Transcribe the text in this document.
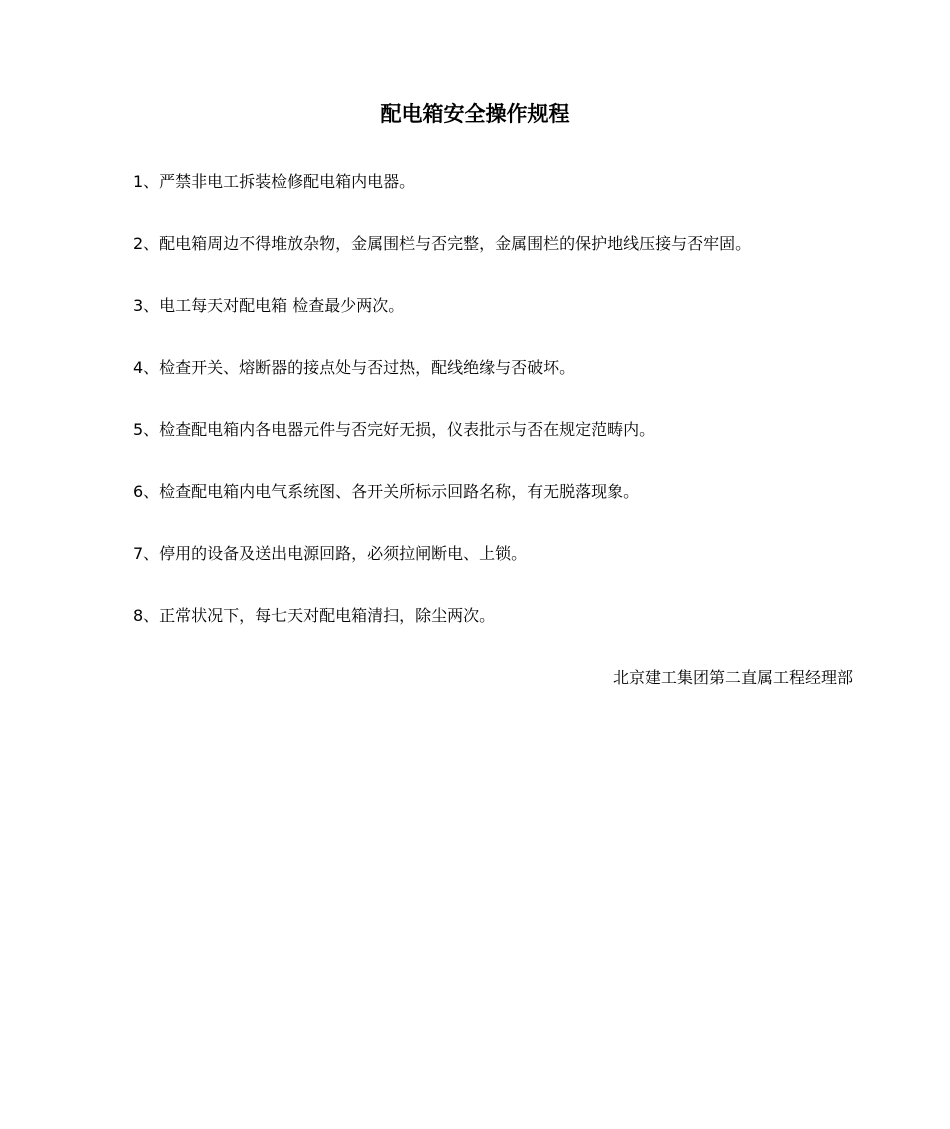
配电箱安全操作规程
1、严禁非电工拆装检修配电箱内电器。
2、配电箱周边不得堆放杂物，金属围栏与否完整，金属围栏的保护地线压接与否牢固。
3、电工每天对配电箱 检查最少两次。
4、检查开关、熔断器的接点处与否过热，配线绝缘与否破坏。
5、检查配电箱内各电器元件与否完好无损，仪表批示与否在规定范畴内。
6、检查配电箱内电气系统图、各开关所标示回路名称，有无脱落现象。
7、停用的设备及送出电源回路，必须拉闸断电、上锁。
8、正常状况下，每七天对配电箱清扫，除尘两次。
北京建工集团第二直属工程经理部
